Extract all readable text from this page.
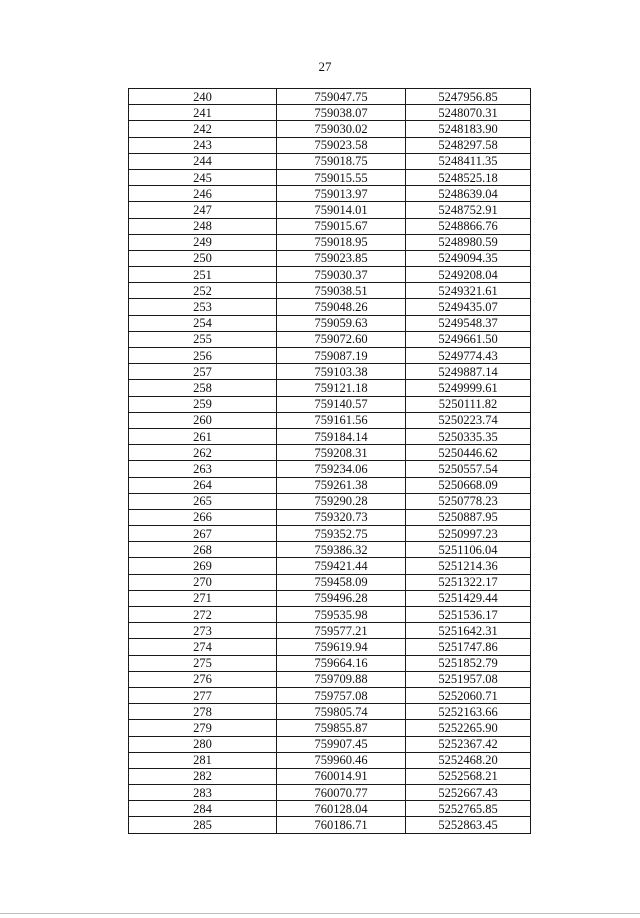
27
240	759047.75	5247956.85
241	759038.07	5248070.31
242	759030.02	5248183.90
243	759023.58	5248297.58
244	759018.75	5248411.35
245	759015.55	5248525.18
246	759013.97	5248639.04
247	759014.01	5248752.91
248	759015.67	5248866.76
249	759018.95	5248980.59
250	759023.85	5249094.35
251	759030.37	5249208.04
252	759038.51	5249321.61
253	759048.26	5249435.07
254	759059.63	5249548.37
255	759072.60	5249661.50
256	759087.19	5249774.43
257	759103.38	5249887.14
258	759121.18	5249999.61
259	759140.57	5250111.82
260	759161.56	5250223.74
261	759184.14	5250335.35
262	759208.31	5250446.62
263	759234.06	5250557.54
264	759261.38	5250668.09
265	759290.28	5250778.23
266	759320.73	5250887.95
267	759352.75	5250997.23
268	759386.32	5251106.04
269	759421.44	5251214.36
270	759458.09	5251322.17
271	759496.28	5251429.44
272	759535.98	5251536.17
273	759577.21	5251642.31
274	759619.94	5251747.86
275	759664.16	5251852.79
276	759709.88	5251957.08
277	759757.08	5252060.71
278	759805.74	5252163.66
279	759855.87	5252265.90
280	759907.45	5252367.42
281	759960.46	5252468.20
282	760014.91	5252568.21
283	760070.77	5252667.43
284	760128.04	5252765.85
285	760186.71	5252863.45
